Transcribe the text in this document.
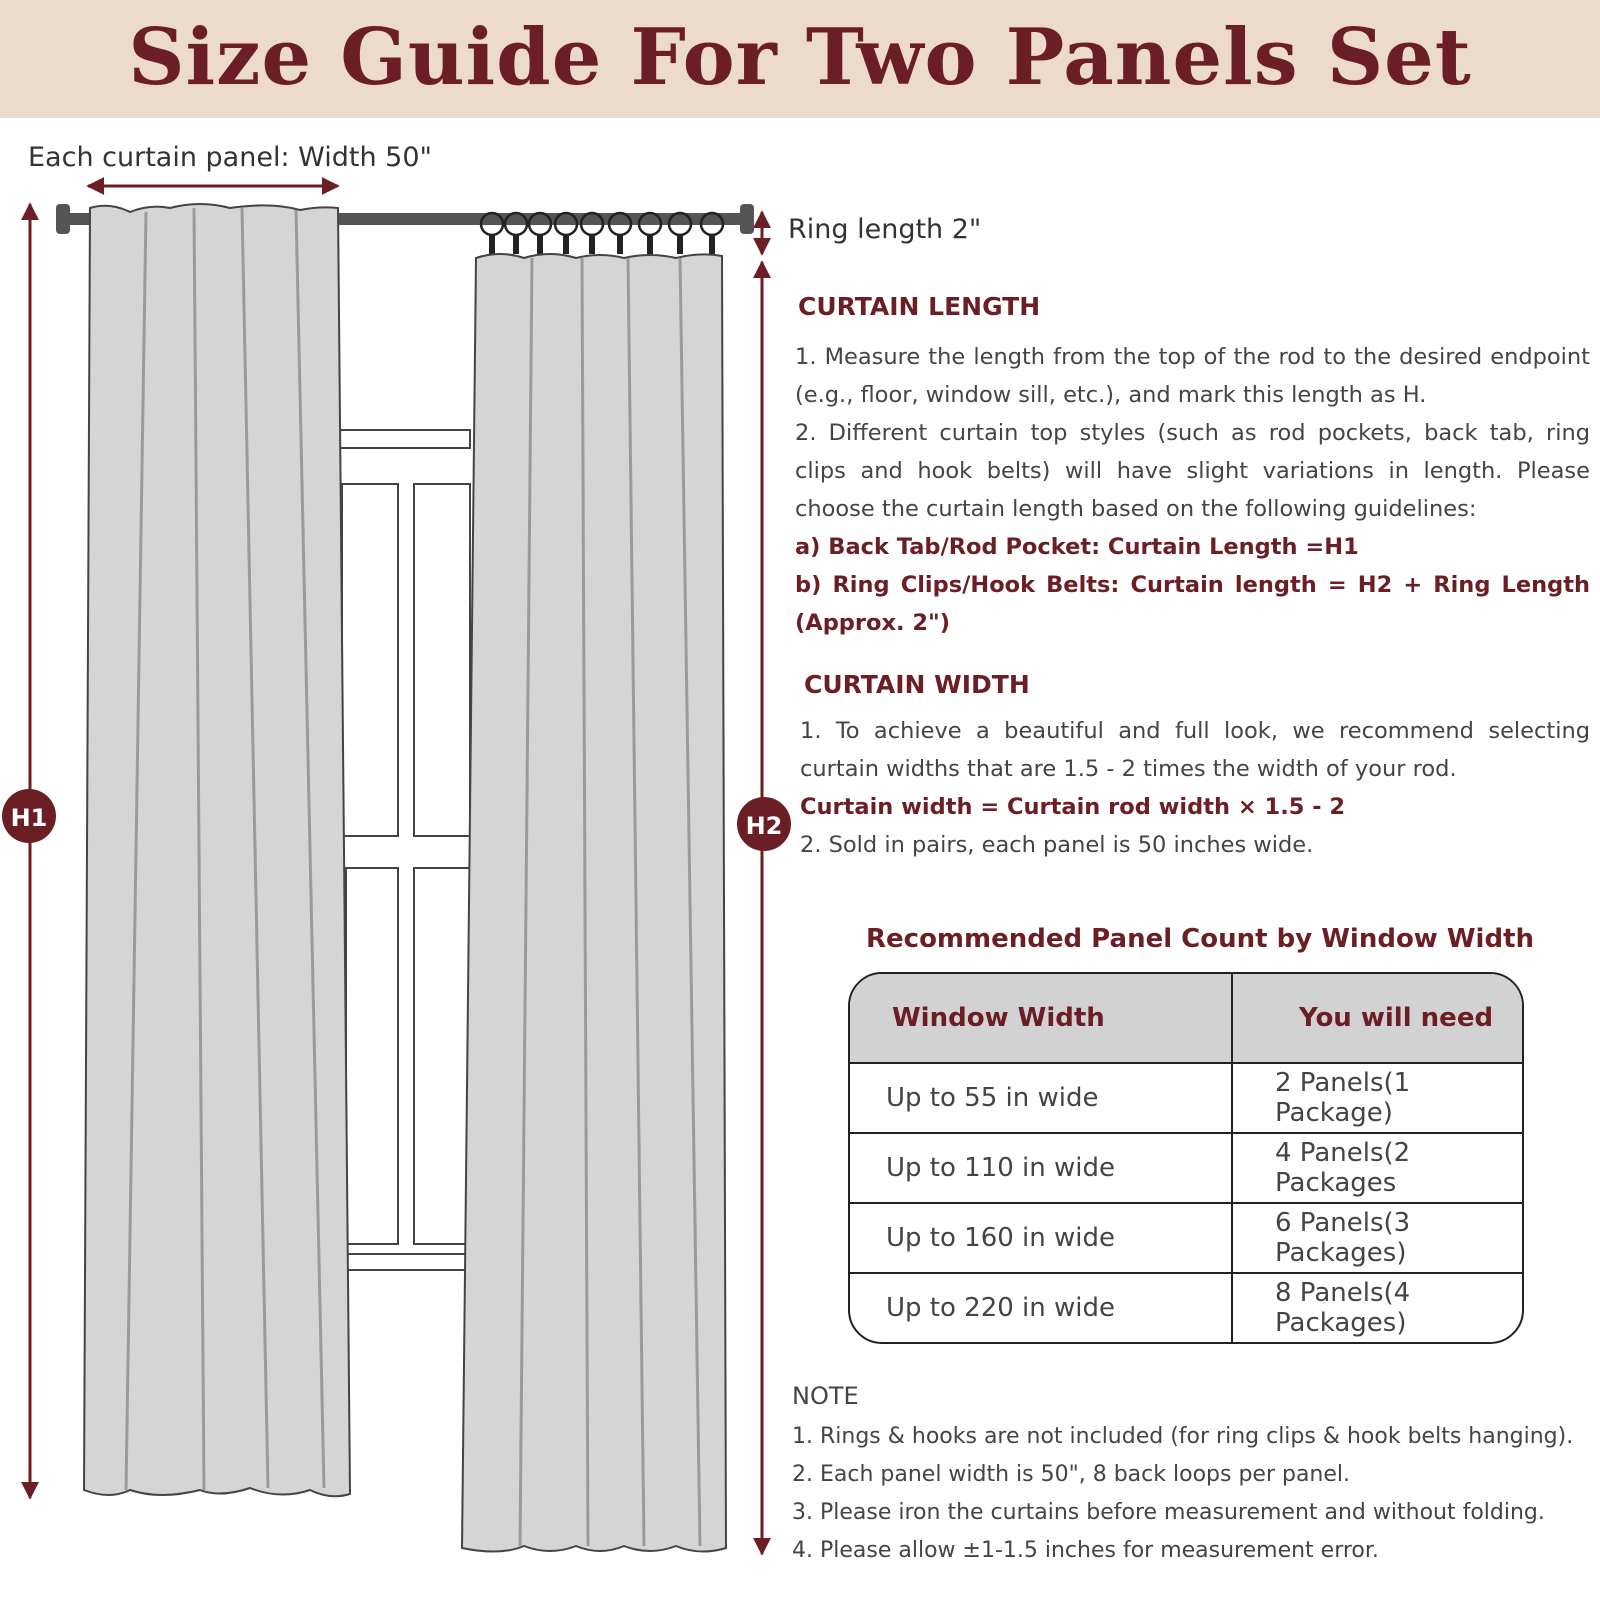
Size Guide For Two Panels Set
H1	H2
Each curtain panel: Width 50"
Ring length 2"
CURTAIN LENGTH
1. Measure the length from the top of the rod to the desired endpoint
(e.g., floor, window sill, etc.), and mark this length as H.
2. Different curtain top styles (such as rod pockets, back tab, ring
clips and hook belts) will have slight variations in length. Please
choose the curtain length based on the following guidelines:
a) Back Tab/Rod Pocket: Curtain Length =H1
b) Ring Clips/Hook Belts: Curtain length = H2 + Ring Length
(Approx. 2")
CURTAIN WIDTH
1. To achieve a beautiful and full look, we recommend selecting
curtain widths that are 1.5 - 2 times the width of your rod.
Curtain width = Curtain rod width × 1.5 - 2
2. Sold in pairs, each panel is 50 inches wide.
Recommended Panel Count by Window Width
Window Width	You will need
Up to 55 in wide	2 Panels(1 Package)
Up to 110 in wide	4 Panels(2 Packages
Up to 160 in wide	6 Panels(3 Packages)
Up to 220 in wide	8 Panels(4 Packages)
NOTE
1. Rings & hooks are not included (for ring clips & hook belts hanging).
2. Each panel width is 50", 8 back loops per panel.
3. Please iron the curtains before measurement and without folding.
4. Please allow ±1-1.5 inches for measurement error.
